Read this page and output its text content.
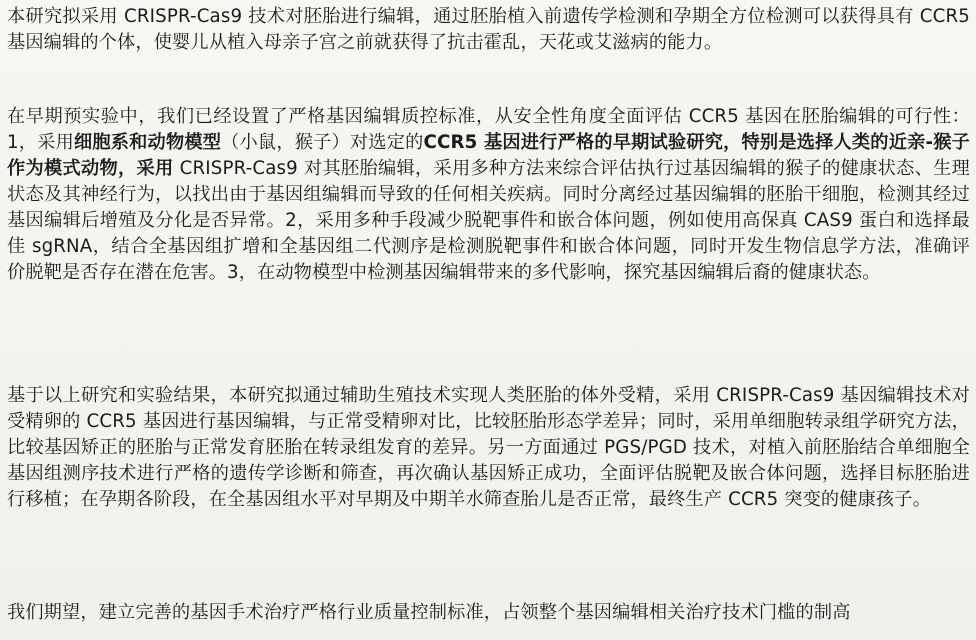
本研究拟采用 CRISPR-Cas9 技术对胚胎进行编辑，通过胚胎植入前遗传学检测和孕期全方位检测可以获得具有 CCR5 基因编辑的个体，使婴儿从植入母亲子宫之前就获得了抗击霍乱，天花或艾滋病的能力。

在早期预实验中，我们已经设置了严格基因编辑质控标准，从安全性角度全面评估 CCR5 基因在胚胎编辑的可行性：1，采用细胞系和动物模型（小鼠，猴子）对选定的CCR5 基因进行严格的早期试验研究，特别是选择人类的近亲-猴子作为模式动物，采用 CRISPR-Cas9 对其胚胎编辑，采用多种方法来综合评估执行过基因编辑的猴子的健康状态、生理状态及其神经行为，以找出由于基因组编辑而导致的任何相关疾病。同时分离经过基因编辑的胚胎干细胞，检测其经过基因编辑后增殖及分化是否异常。2，采用多种手段减少脱靶事件和嵌合体问题，例如使用高保真 CAS9 蛋白和选择最佳 sgRNA，结合全基因组扩增和全基因组二代测序是检测脱靶事件和嵌合体问题，同时开发生物信息学方法，准确评价脱靶是否存在潜在危害。3，在动物模型中检测基因编辑带来的多代影响，探究基因编辑后裔的健康状态。

基于以上研究和实验结果，本研究拟通过辅助生殖技术实现人类胚胎的体外受精，采用 CRISPR-Cas9 基因编辑技术对受精卵的 CCR5 基因进行基因编辑，与正常受精卵对比，比较胚胎形态学差异；同时，采用单细胞转录组学研究方法，比较基因矫正的胚胎与正常发育胚胎在转录组发育的差异。另一方面通过 PGS/PGD 技术，对植入前胚胎结合单细胞全基因组测序技术进行严格的遗传学诊断和筛查，再次确认基因矫正成功，全面评估脱靶及嵌合体问题，选择目标胚胎进行移植；在孕期各阶段，在全基因组水平对早期及中期羊水筛查胎儿是否正常，最终生产 CCR5 突变的健康孩子。

我们期望，建立完善的基因手术治疗严格行业质量控制标准，占领整个基因编辑相关治疗技术门槛的制高
